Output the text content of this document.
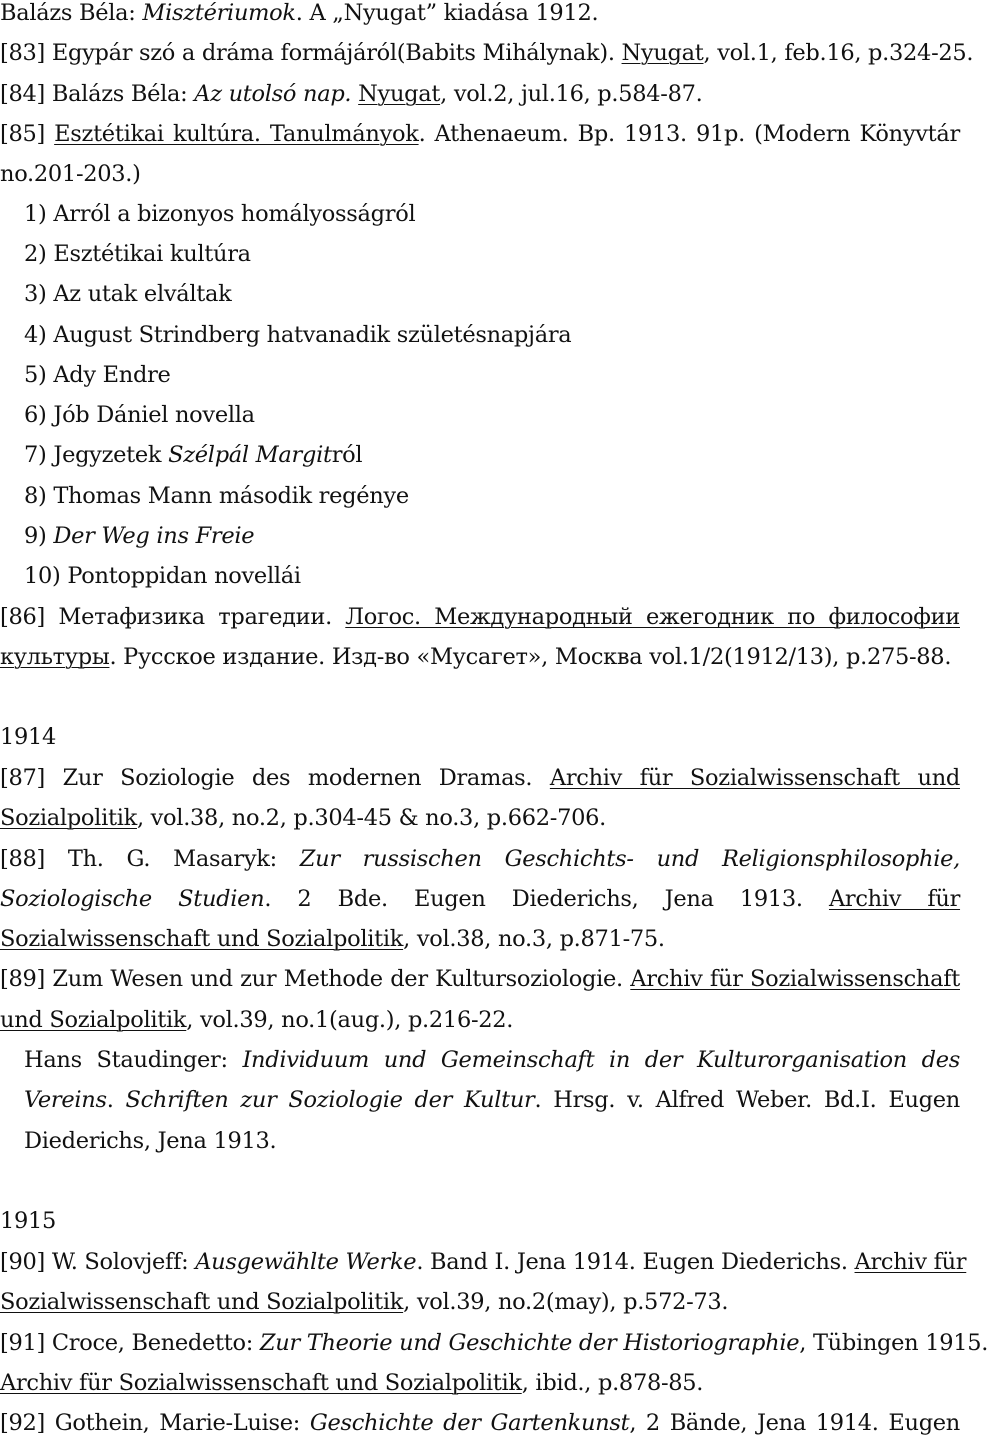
Balázs Béla: Misztériumok. A „Nyugat” kiadása 1912.
[83] Egypár szó a dráma formájáról(Babits Mihálynak). Nyugat, vol.1, feb.16, p.324-25.
[84] Balázs Béla: Az utolsó nap. Nyugat, vol.2, jul.16, p.584-87.
[85] Esztétikai kultúra. Tanulmányok. Athenaeum. Bp. 1913. 91p. (Modern Könyvtár
no.201-203.)
1) Arról a bizonyos homályosságról
2) Esztétikai kultúra
3) Az utak elváltak
4) August Strindberg hatvanadik születésnapjára
5) Ady Endre
6) Jób Dániel novella
7) Jegyzetek Szélpál Margitról
8) Thomas Mann második regénye
9) Der Weg ins Freie
10) Pontoppidan novellái
[86] Метафизика трагедии. Логос. Международный ежегодник по философии
культуры. Русское издание. Изд-во «Мусагет», Москва vol.1/2(1912/13), p.275-88.
1914
[87] Zur Soziologie des modernen Dramas. Archiv für Sozialwissenschaft und
Sozialpolitik, vol.38, no.2, p.304-45 & no.3, p.662-706.
[88] Th. G. Masaryk: Zur russischen Geschichts- und Religionsphilosophie,
Soziologische Studien. 2 Bde. Eugen Diederichs, Jena 1913. Archiv für
Sozialwissenschaft und Sozialpolitik, vol.38, no.3, p.871-75.
[89] Zum Wesen und zur Methode der Kultursoziologie. Archiv für Sozialwissenschaft
und Sozialpolitik, vol.39, no.1(aug.), p.216-22.
Hans Staudinger: Individuum und Gemeinschaft in der Kulturorganisation des
Vereins. Schriften zur Soziologie der Kultur. Hrsg. v. Alfred Weber. Bd.I. Eugen
Diederichs, Jena 1913.
1915
[90] W. Solovjeff: Ausgewählte Werke. Band I. Jena 1914. Eugen Diederichs. Archiv für
Sozialwissenschaft und Sozialpolitik, vol.39, no.2(may), p.572-73.
[91] Croce, Benedetto: Zur Theorie und Geschichte der Historiographie, Tübingen 1915.
Archiv für Sozialwissenschaft und Sozialpolitik, ibid., p.878-85.
[92] Gothein, Marie-Luise: Geschichte der Gartenkunst, 2 Bände, Jena 1914. Eugen
